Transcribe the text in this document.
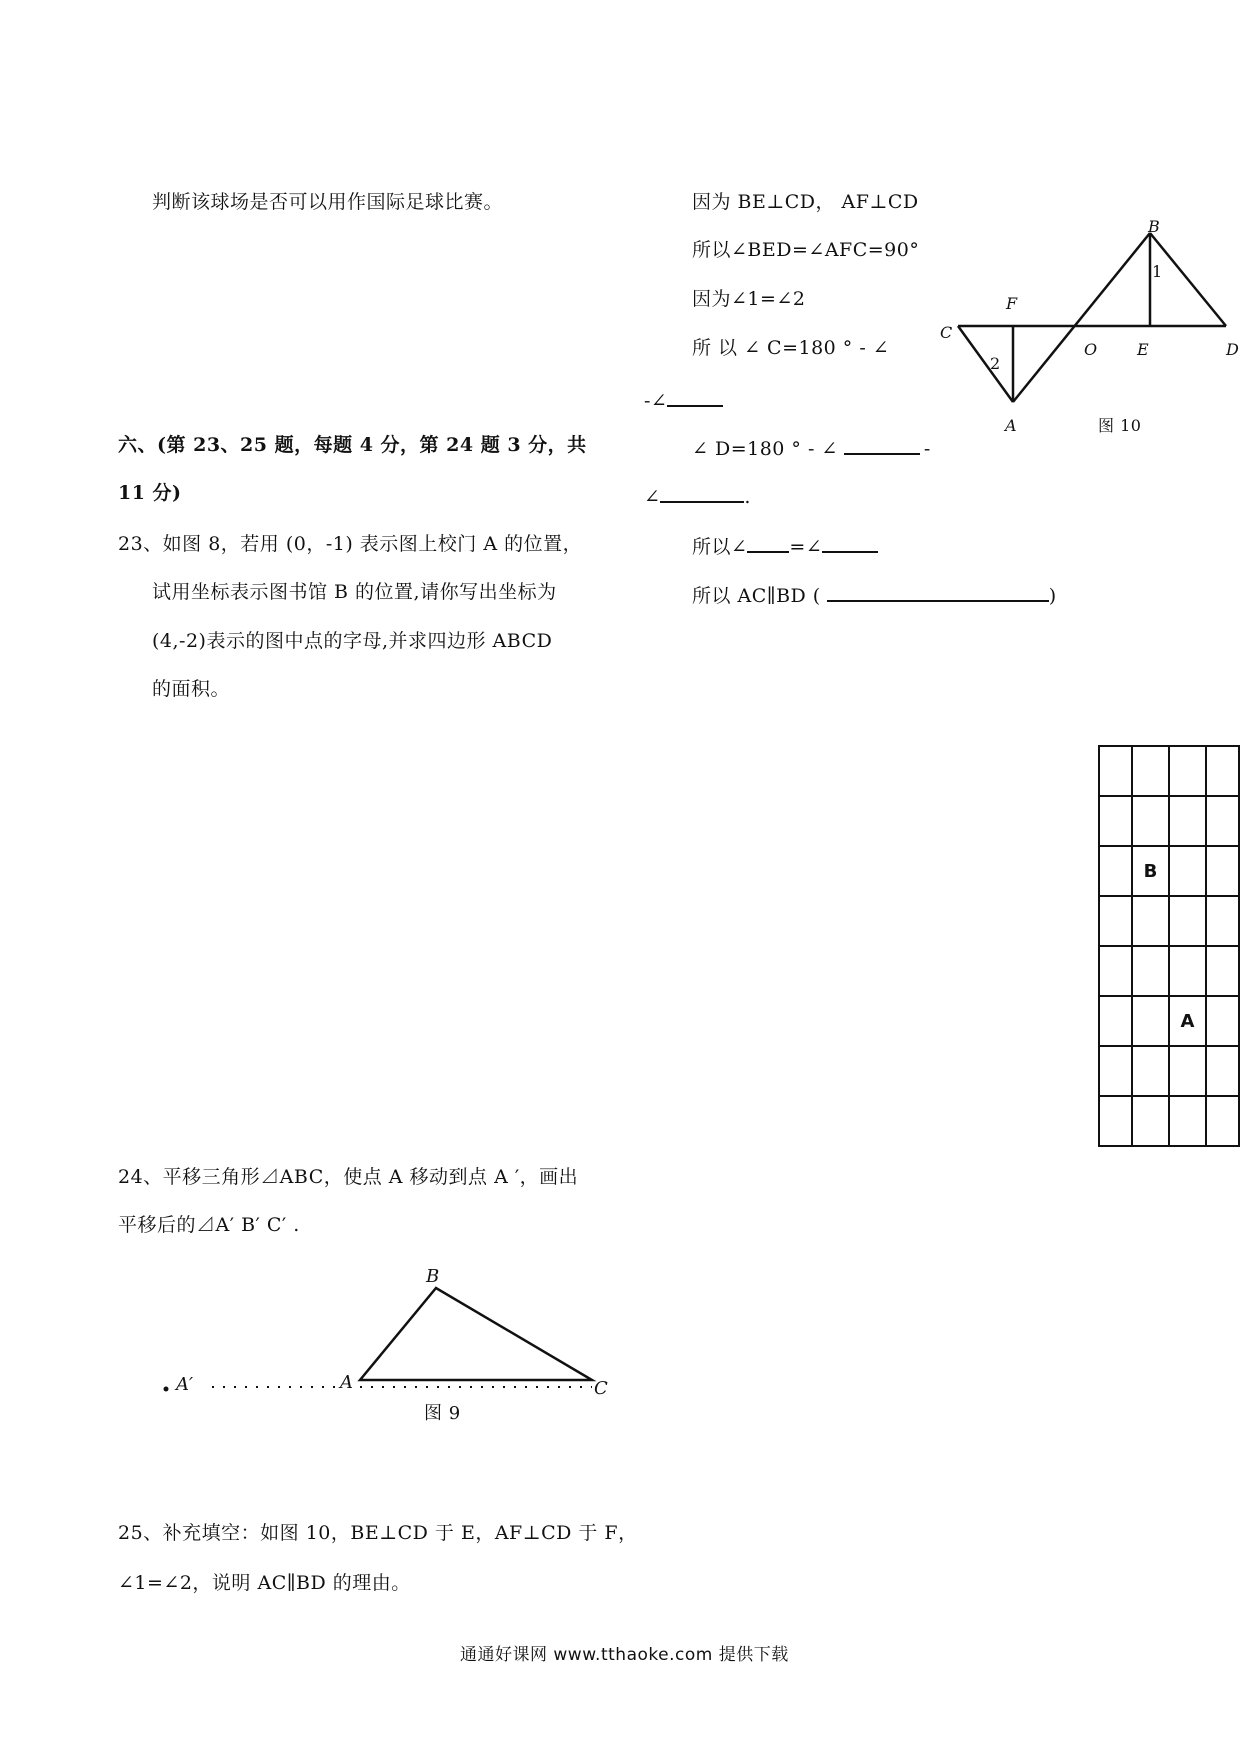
判断该球场是否可以用作国际足球比赛。
六、(第 23、25 题，每题 4 分，第 24 题 3 分，共
11 分)
23、如图 8，若用 (0，-1) 表示图上校门 A 的位置，
试用坐标表示图书馆 B 的位置,请你写出坐标为
(4,-2)表示的图中点的字母,并求四边形 ABCD
的面积。
24、平移三角形⊿ABC，使点 A 移动到点 A ′，画出
平移后的⊿A′ B′ C′ .
25、补充填空：如图 10，BE⊥CD 于 E，AF⊥CD 于 F，
∠1=∠2，说明 AC∥BD 的理由。
因为 BE⊥CD， AF⊥CD
所以∠BED=∠AFC=90°
因为∠1=∠2
所 以 ∠ C=180 ° - ∠
-∠
∠ D=180 ° - ∠	-
∠	.
所以∠ =∠
所以 AC∥BD (	)
B
F
C
O E	D
A
1
2
图 10

	B		

		A	

B
A	C
A′
图 9
通通好课网 www.tthaoke.com 提供下载
